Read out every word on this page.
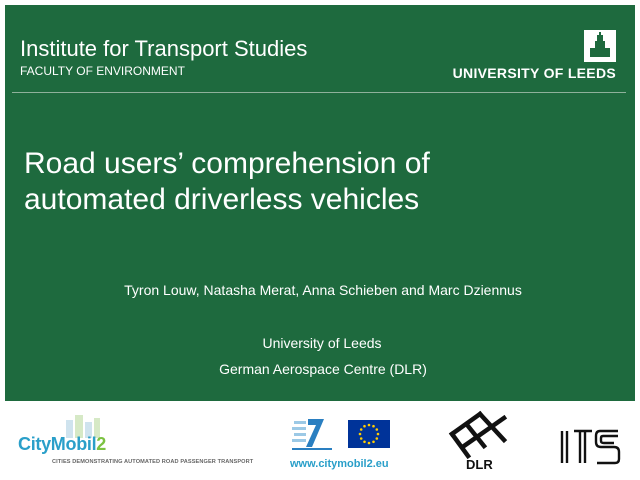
Institute for Transport Studies
FACULTY OF ENVIRONMENT	UNIVERSITY OF LEEDS
Road users’ comprehension of
automated driverless vehicles
Tyron Louw, Natasha Merat, Anna Schieben and Marc Dziennus
University of Leeds
German Aerospace Centre (DLR)
CityMobil2
CITIES DEMONSTRATING AUTOMATED ROAD PASSENGER TRANSPORT	www.citymobil2.eu	DLR
